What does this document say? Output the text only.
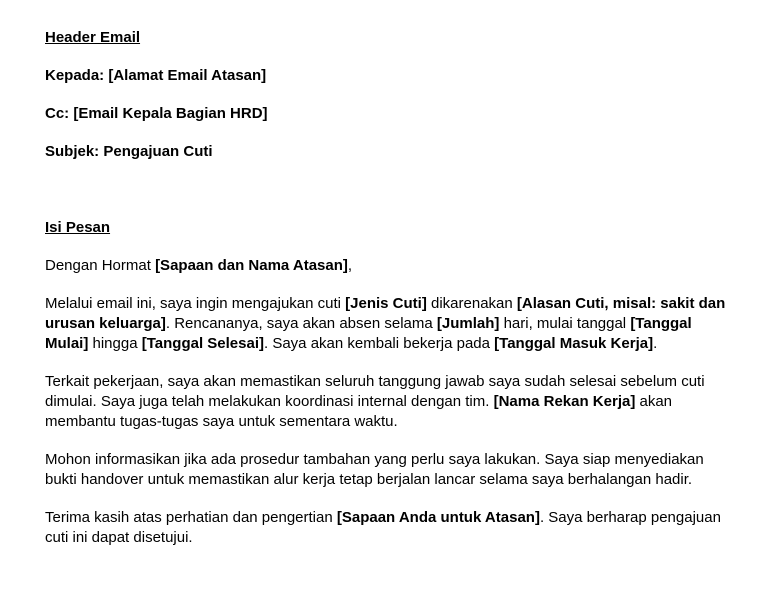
Header Email

Kepada: [Alamat Email Atasan]

Cc: [Email Kepala Bagian HRD]

Subjek: Pengajuan Cuti

Isi Pesan

Dengan Hormat [Sapaan dan Nama Atasan],

Melalui email ini, saya ingin mengajukan cuti [Jenis Cuti] dikarenakan [Alasan Cuti, misal: sakit dan urusan keluarga]. Rencananya, saya akan absen selama [Jumlah] hari, mulai tanggal [Tanggal Mulai] hingga [Tanggal Selesai]. Saya akan kembali bekerja pada [Tanggal Masuk Kerja].

Terkait pekerjaan, saya akan memastikan seluruh tanggung jawab saya sudah selesai sebelum cuti dimulai. Saya juga telah melakukan koordinasi internal dengan tim. [Nama Rekan Kerja] akan membantu tugas-tugas saya untuk sementara waktu.

Mohon informasikan jika ada prosedur tambahan yang perlu saya lakukan. Saya siap menyediakan bukti handover untuk memastikan alur kerja tetap berjalan lancar selama saya berhalangan hadir.

Terima kasih atas perhatian dan pengertian [Sapaan Anda untuk Atasan]. Saya berharap pengajuan cuti ini dapat disetujui.
